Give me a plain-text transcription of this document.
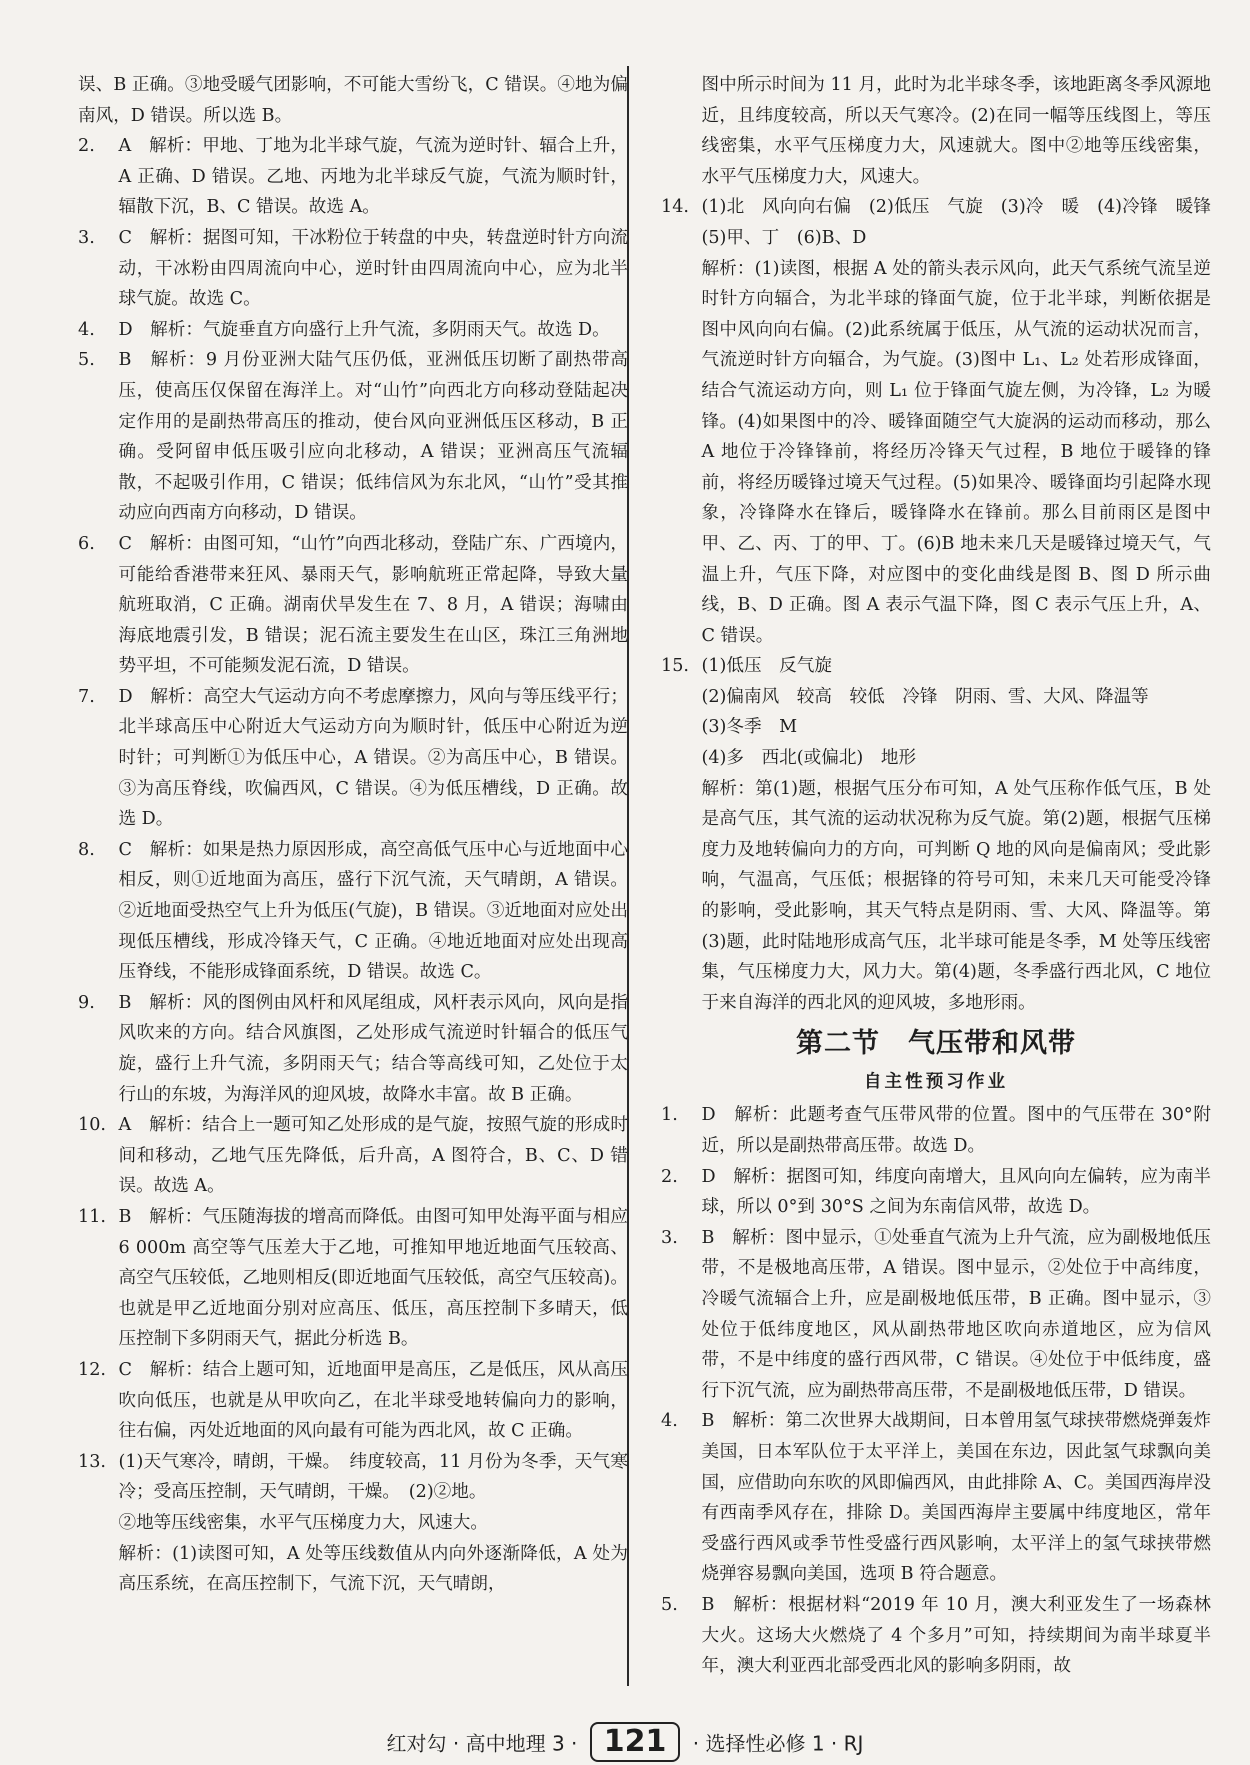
误、B 正确。③地受暖气团影响，不可能大雪纷飞，C 错误。④地为偏南风，D 错误。所以选 B。

2. A　解析：甲地、丁地为北半球气旋，气流为逆时针、辐合上升，A 正确、D 错误。乙地、丙地为北半球反气旋，气流为顺时针，辐散下沉，B、C 错误。故选 A。

3. C　解析：据图可知，干冰粉位于转盘的中央，转盘逆时针方向流动，干冰粉由四周流向中心，逆时针由四周流向中心，应为北半球气旋。故选 C。

4. D　解析：气旋垂直方向盛行上升气流，多阴雨天气。故选 D。

5. B　解析：9 月份亚洲大陆气压仍低，亚洲低压切断了副热带高压，使高压仅保留在海洋上。对“山竹”向西北方向移动登陆起决定作用的是副热带高压的推动，使台风向亚洲低压区移动，B 正确。受阿留申低压吸引应向北移动，A 错误；亚洲高压气流辐散，不起吸引作用，C 错误；低纬信风为东北风，“山竹”受其推动应向西南方向移动，D 错误。

6. C　解析：由图可知，“山竹”向西北移动，登陆广东、广西境内，可能给香港带来狂风、暴雨天气，影响航班正常起降，导致大量航班取消，C 正确。湖南伏旱发生在 7、8 月，A 错误；海啸由海底地震引发，B 错误；泥石流主要发生在山区，珠江三角洲地势平坦，不可能频发泥石流，D 错误。

7. D　解析：高空大气运动方向不考虑摩擦力，风向与等压线平行；北半球高压中心附近大气运动方向为顺时针，低压中心附近为逆时针；可判断①为低压中心，A 错误。②为高压中心，B 错误。③为高压脊线，吹偏西风，C 错误。④为低压槽线，D 正确。故选 D。

8. C　解析：如果是热力原因形成，高空高低气压中心与近地面中心相反，则①近地面为高压，盛行下沉气流，天气晴朗，A 错误。②近地面受热空气上升为低压(气旋)，B 错误。③近地面对应处出现低压槽线，形成冷锋天气，C 正确。④地近地面对应处出现高压脊线，不能形成锋面系统，D 错误。故选 C。

9. B　解析：风的图例由风杆和风尾组成，风杆表示风向，风向是指风吹来的方向。结合风旗图，乙处形成气流逆时针辐合的低压气旋，盛行上升气流，多阴雨天气；结合等高线可知，乙处位于太行山的东坡，为海洋风的迎风坡，故降水丰富。故 B 正确。

10. A　解析：结合上一题可知乙处形成的是气旋，按照气旋的形成时间和移动，乙地气压先降低，后升高，A 图符合，B、C、D 错误。故选 A。

11. B　解析：气压随海拔的增高而降低。由图可知甲处海平面与相应 6 000m 高空等气压差大于乙地，可推知甲地近地面气压较高、高空气压较低，乙地则相反(即近地面气压较低，高空气压较高)。也就是甲乙近地面分别对应高压、低压，高压控制下多晴天，低压控制下多阴雨天气，据此分析选 B。

12. C　解析：结合上题可知，近地面甲是高压，乙是低压，风从高压吹向低压，也就是从甲吹向乙，在北半球受地转偏向力的影响，往右偏，丙处近地面的风向最有可能为西北风，故 C 正确。

13. (1)天气寒冷，晴朗，干燥。　纬度较高，11 月份为冬季，天气寒冷；受高压控制，天气晴朗，干燥。　(2)②地。

②地等压线密集，水平气压梯度力大，风速大。

解析：(1)读图可知，A 处等压线数值从内向外逐渐降低，A 处为高压系统，在高压控制下，气流下沉，天气晴朗，

图中所示时间为 11 月，此时为北半球冬季，该地距离冬季风源地近，且纬度较高，所以天气寒冷。(2)在同一幅等压线图上，等压线密集，水平气压梯度力大，风速就大。图中②地等压线密集，水平气压梯度力大，风速大。

14. (1)北　风向向右偏　(2)低压　气旋　(3)冷　暖　(4)冷锋　暖锋　(5)甲、丁　(6)B、D

解析：(1)读图，根据 A 处的箭头表示风向，此天气系统气流呈逆时针方向辐合，为北半球的锋面气旋，位于北半球，判断依据是图中风向向右偏。(2)此系统属于低压，从气流的运动状况而言，气流逆时针方向辐合，为气旋。(3)图中 L₁、L₂ 处若形成锋面，结合气流运动方向，则 L₁ 位于锋面气旋左侧，为冷锋，L₂ 为暖锋。(4)如果图中的冷、暖锋面随空气大旋涡的运动而移动，那么 A 地位于冷锋锋前，将经历冷锋天气过程，B 地位于暖锋的锋前，将经历暖锋过境天气过程。(5)如果冷、暖锋面均引起降水现象，冷锋降水在锋后，暖锋降水在锋前。那么目前雨区是图中甲、乙、丙、丁的甲、丁。(6)B 地未来几天是暖锋过境天气，气温上升，气压下降，对应图中的变化曲线是图 B、图 D 所示曲线，B、D 正确。图 A 表示气温下降，图 C 表示气压上升，A、C 错误。

15. (1)低压　反气旋

(2)偏南风　较高　较低　冷锋　阴雨、雪、大风、降温等

(3)冬季　M

(4)多　西北(或偏北)　地形

解析：第(1)题，根据气压分布可知，A 处气压称作低气压，B 处是高气压，其气流的运动状况称为反气旋。第(2)题，根据气压梯度力及地转偏向力的方向，可判断 Q 地的风向是偏南风；受此影响，气温高，气压低；根据锋的符号可知，未来几天可能受冷锋的影响，受此影响，其天气特点是阴雨、雪、大风、降温等。第(3)题，此时陆地形成高气压，北半球可能是冬季，M 处等压线密集，气压梯度力大，风力大。第(4)题，冬季盛行西北风，C 地位于来自海洋的西北风的迎风坡，多地形雨。

第二节　气压带和风带
自主性预习作业

1. D　解析：此题考查气压带风带的位置。图中的气压带在 30°附近，所以是副热带高压带。故选 D。

2. D　解析：据图可知，纬度向南增大，且风向向左偏转，应为南半球，所以 0°到 30°S 之间为东南信风带，故选 D。

3. B　解析：图中显示，①处垂直气流为上升气流，应为副极地低压带，不是极地高压带，A 错误。图中显示，②处位于中高纬度，冷暖气流辐合上升，应是副极地低压带，B 正确。图中显示，③处位于低纬度地区，风从副热带地区吹向赤道地区，应为信风带，不是中纬度的盛行西风带，C 错误。④处位于中低纬度，盛行下沉气流，应为副热带高压带，不是副极地低压带，D 错误。

4. B　解析：第二次世界大战期间，日本曾用氢气球挟带燃烧弹轰炸美国，日本军队位于太平洋上，美国在东边，因此氢气球飘向美国，应借助向东吹的风即偏西风，由此排除 A、C。美国西海岸没有西南季风存在，排除 D。美国西海岸主要属中纬度地区，常年受盛行西风或季节性受盛行西风影响，太平洋上的氢气球挟带燃烧弹容易飘向美国，选项 B 符合题意。

5. B　解析：根据材料“2019 年 10 月，澳大利亚发生了一场森林大火。这场大火燃烧了 4 个多月”可知，持续期间为南半球夏半年，澳大利亚西北部受西北风的影响多阴雨，故

红对勾 · 高中地理 3 · 121 · 选择性必修 1 · RJ
